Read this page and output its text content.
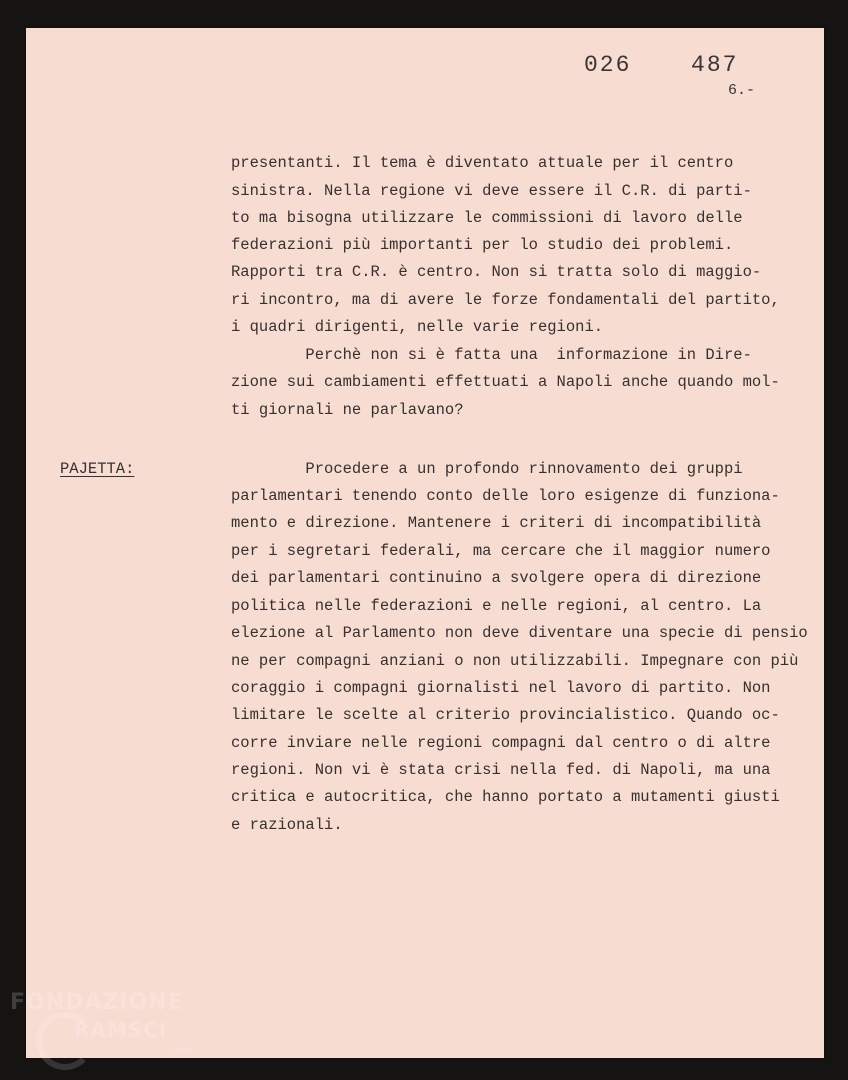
026  487
6.-
PAJETTA:
presentanti. Il tema è diventato attuale per il centro
sinistra. Nella regione vi deve essere il C.R. di parti-
to ma bisogna utilizzare le commissioni di lavoro delle
federazioni più importanti per lo studio dei problemi.
Rapporti tra C.R. è centro. Non si tratta solo di maggio-
ri incontro, ma di avere le forze fondamentali del partito,
i quadri dirigenti, nelle varie regioni.
Perchè non si è fatta una  informazione in Dire-
zione sui cambiamenti effettuati a Napoli anche quando mol-
ti giornali ne parlavano?
Procedere a un profondo rinnovamento dei gruppi
parlamentari tenendo conto delle loro esigenze di funziona-
mento e direzione. Mantenere i criteri di incompatibilità
per i segretari federali, ma cercare che il maggior numero
dei parlamentari continuino a svolgere opera di direzione
politica nelle federazioni e nelle regioni, al centro. La
elezione al Parlamento non deve diventare una specie di pensio
ne per compagni anziani o non utilizzabili. Impegnare con più
coraggio i compagni giornalisti nel lavoro di partito. Non
limitare le scelte al criterio provincialistico. Quando oc-
corre inviare nelle regioni compagni dal centro o di altre
regioni. Non vi è stata crisi nella fed. di Napoli, ma una
critica e autocritica, che hanno portato a mutamenti giusti
e razionali.
FONDAZIONE
RAMSCI
onlus
